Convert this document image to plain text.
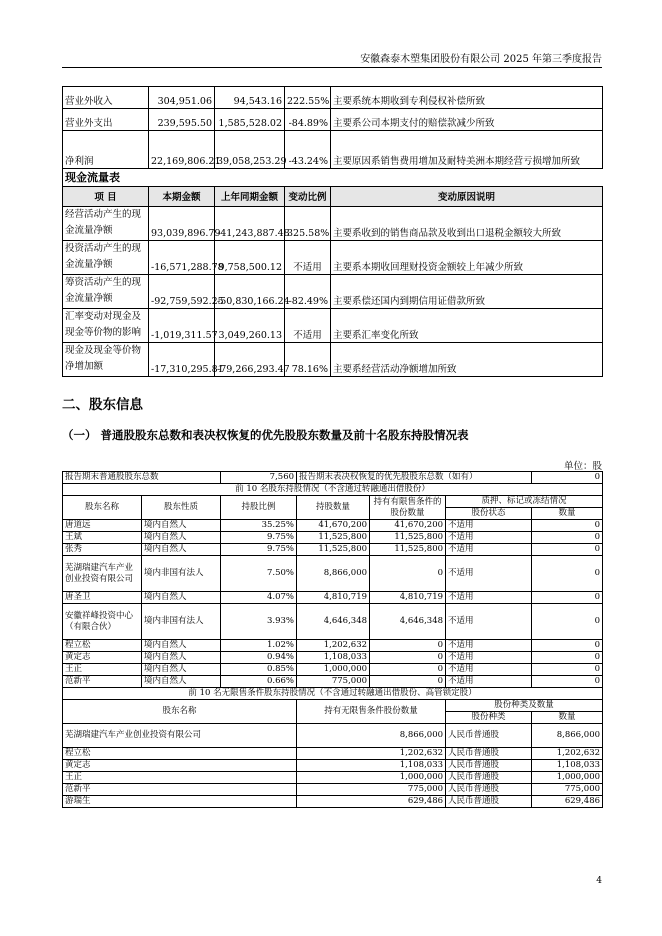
安徽森泰木塑集团股份有限公司 2025 年第三季度报告
营业外收入	304,951.06	94,543.16	222.55%	主要系统本期收到专利侵权补偿所致
营业外支出	239,595.50	1,585,528.02	-84.89%	主要系公司本期支付的赔偿款减少所致
净利润	22,169,806.21	39,058,253.29	-43.24%	主要原因系销售费用增加及耐特美洲本期经营亏损增加所致
现金流量表				
项 目	本期金额	上年同期金额	变动比例	变动原因说明
经营活动产生的现金流量净额	93,039,896.79	-41,243,887.48	325.58%	主要系收到的销售商品款及收到出口退税金额较大所致
投资活动产生的现金流量净额	-16,571,288.78	9,758,500.12	不适用	主要系本期收回理财投资金额较上年减少所致
筹资活动产生的现金流量净额	-92,759,592.25	-50,830,166.24	-82.49%	主要系偿还国内到期信用证借款所致
汇率变动对现金及现金等价物的影响	-1,019,311.57	3,049,260.13	不适用	主要系汇率变化所致
现金及现金等价物净增加额	-17,310,295.81	-79,266,293.47	78.16%	主要系经营活动净额增加所致
二、股东信息
（一） 普通股股东总数和表决权恢复的优先股股东数量及前十名股东持股情况表
单位：股
报告期末普通股股东总数		7,560	报告期末表决权恢复的优先股股东总数（如有）			0
前 10 名股东持股情况（不含通过转融通出借股份）						
股东名称	股东性质	持股比例	持股数量	持有有限售条件的股份数量	质押、标记或冻结情况	
					股份状态	数量
唐道远	境内自然人	35.25%	41,670,200	41,670,200	不适用	0
王斌	境内自然人	9.75%	11,525,800	11,525,800	不适用	0
张秀	境内自然人	9.75%	11,525,800	11,525,800	不适用	0
芜湖瑞建汽车产业创业投资有限公司	境内非国有法人	7.50%	8,866,000	0	不适用	0
唐圣卫	境内自然人	4.07%	4,810,719	4,810,719	不适用	0
安徽祥峰投资中心（有限合伙）	境内非国有法人	3.93%	4,646,348	4,646,348	不适用	0
程立松	境内自然人	1.02%	1,202,632	0	不适用	0
黄定志	境内自然人	0.94%	1,108,033	0	不适用	0
王正	境内自然人	0.85%	1,000,000	0	不适用	0
范新平	境内自然人	0.66%	775,000	0	不适用	0
前 10 名无限售条件股东持股情况（不含通过转融通出借股份、高管锁定股）						
股东名称			持有无限售条件股份数量		股份种类及数量	
					股份种类	数量
芜湖瑞建汽车产业创业投资有限公司			8,866,000		人民币普通股	8,866,000
程立松			1,202,632		人民币普通股	1,202,632
黄定志			1,108,033		人民币普通股	1,108,033
王正			1,000,000		人民币普通股	1,000,000
范新平			775,000		人民币普通股	775,000
游瑞生			629,486		人民币普通股	629,486
4
